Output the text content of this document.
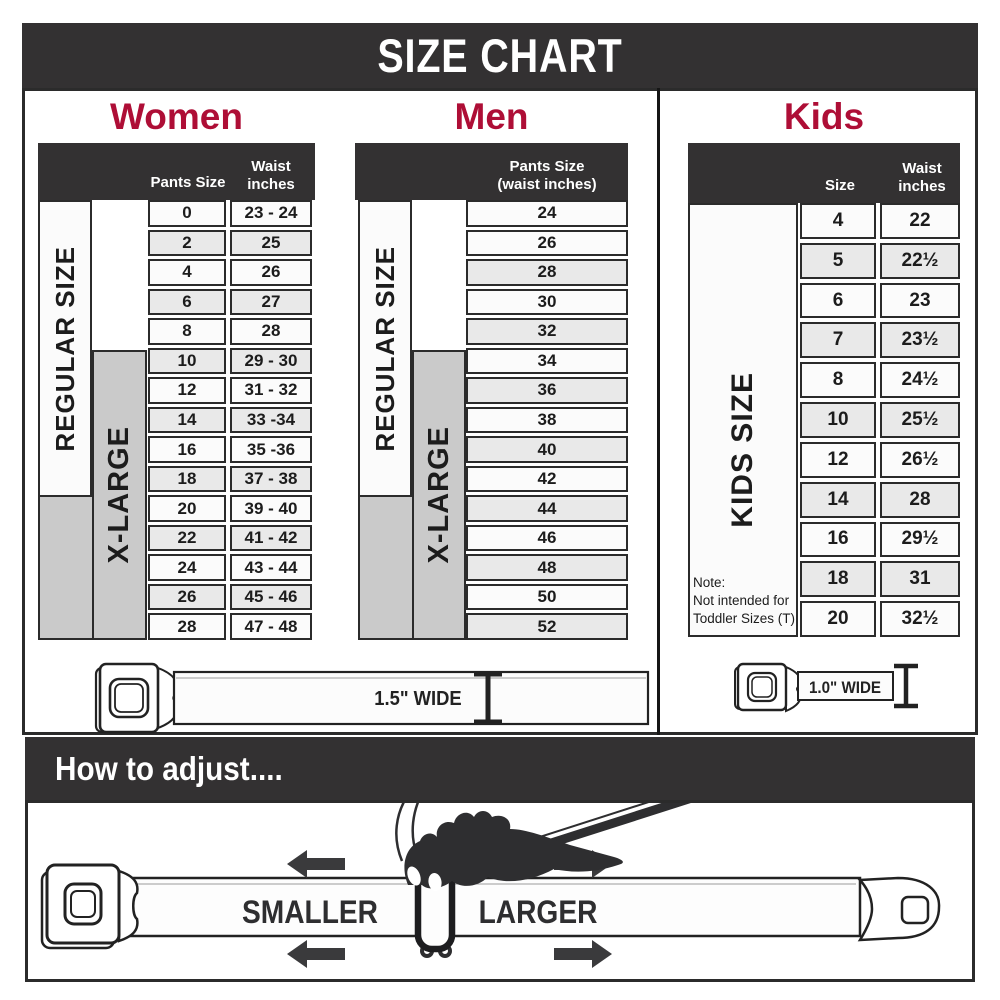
SIZE CHART
Women	Men	Kids
Pants Size
Waist
inches
X-LARGE
REGULAR SIZE
0	23 - 24
2	25
4	26
6	27
8	28
10	29 - 30
12	31 - 32
14	33 -34
16	35 -36
18	37 - 38
20	39 - 40
22	41 - 42
24	43 - 44
26	45 - 46
28	47 - 48
Pants Size
(waist inches)
X-LARGE
REGULAR SIZE
24
26
28
30
32
34
36
38
40
42
44
46
48
50
52
Size
Waist
inches
KIDS SIZE
Note:
Not intended for
Toddler Sizes (T)
4	22
5	22½
6	23
7	23½
8	24½
10	25½
12	26½
14	28
16	29½
18	31
20	32½
1.5" WIDE
1.0" WIDE
How to adjust....
SMALLER	LARGER
